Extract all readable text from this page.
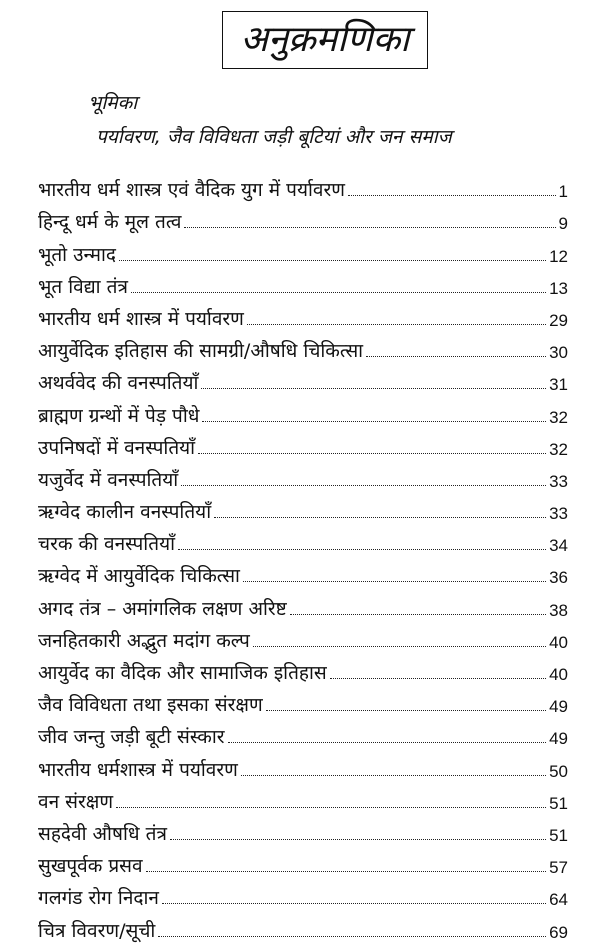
अनुक्रमणिका
भूमिका
पर्यावरण, जैव विविधता जड़ी बूटियां और जन समाज
भारतीय धर्म शास्त्र एवं वैदिक युग में पर्यावरण	1
हिन्दू धर्म के मूल तत्व	9
भूतो उन्माद	12
भूत विद्या तंत्र	13
भारतीय धर्म शास्त्र में पर्यावरण	29
आयुर्वेदिक इतिहास की सामग्री/औषधि चिकित्सा	30
अथर्ववेद की वनस्पतियाँ	31
ब्राह्मण ग्रन्थों में पेड़ पौधे	32
उपनिषदों में वनस्पतियाँ	32
यजुर्वेद में वनस्पतियाँ	33
ऋग्वेद कालीन वनस्पतियाँ	33
चरक की वनस्पतियाँ	34
ऋग्वेद में आयुर्वेदिक चिकित्सा	36
अगद तंत्र – अमांगलिक लक्षण अरिष्ट	38
जनहितकारी अद्भुत मदांग कल्प	40
आयुर्वेद का वैदिक और सामाजिक इतिहास	40
जैव विविधता तथा इसका संरक्षण	49
जीव जन्तु जड़ी बूटी संस्कार	49
भारतीय धर्मशास्त्र में पर्यावरण	50
वन संरक्षण	51
सहदेवी औषधि तंत्र	51
सुखपूर्वक प्रसव	57
गलगंड रोग निदान	64
चित्र विवरण/सूची	69
